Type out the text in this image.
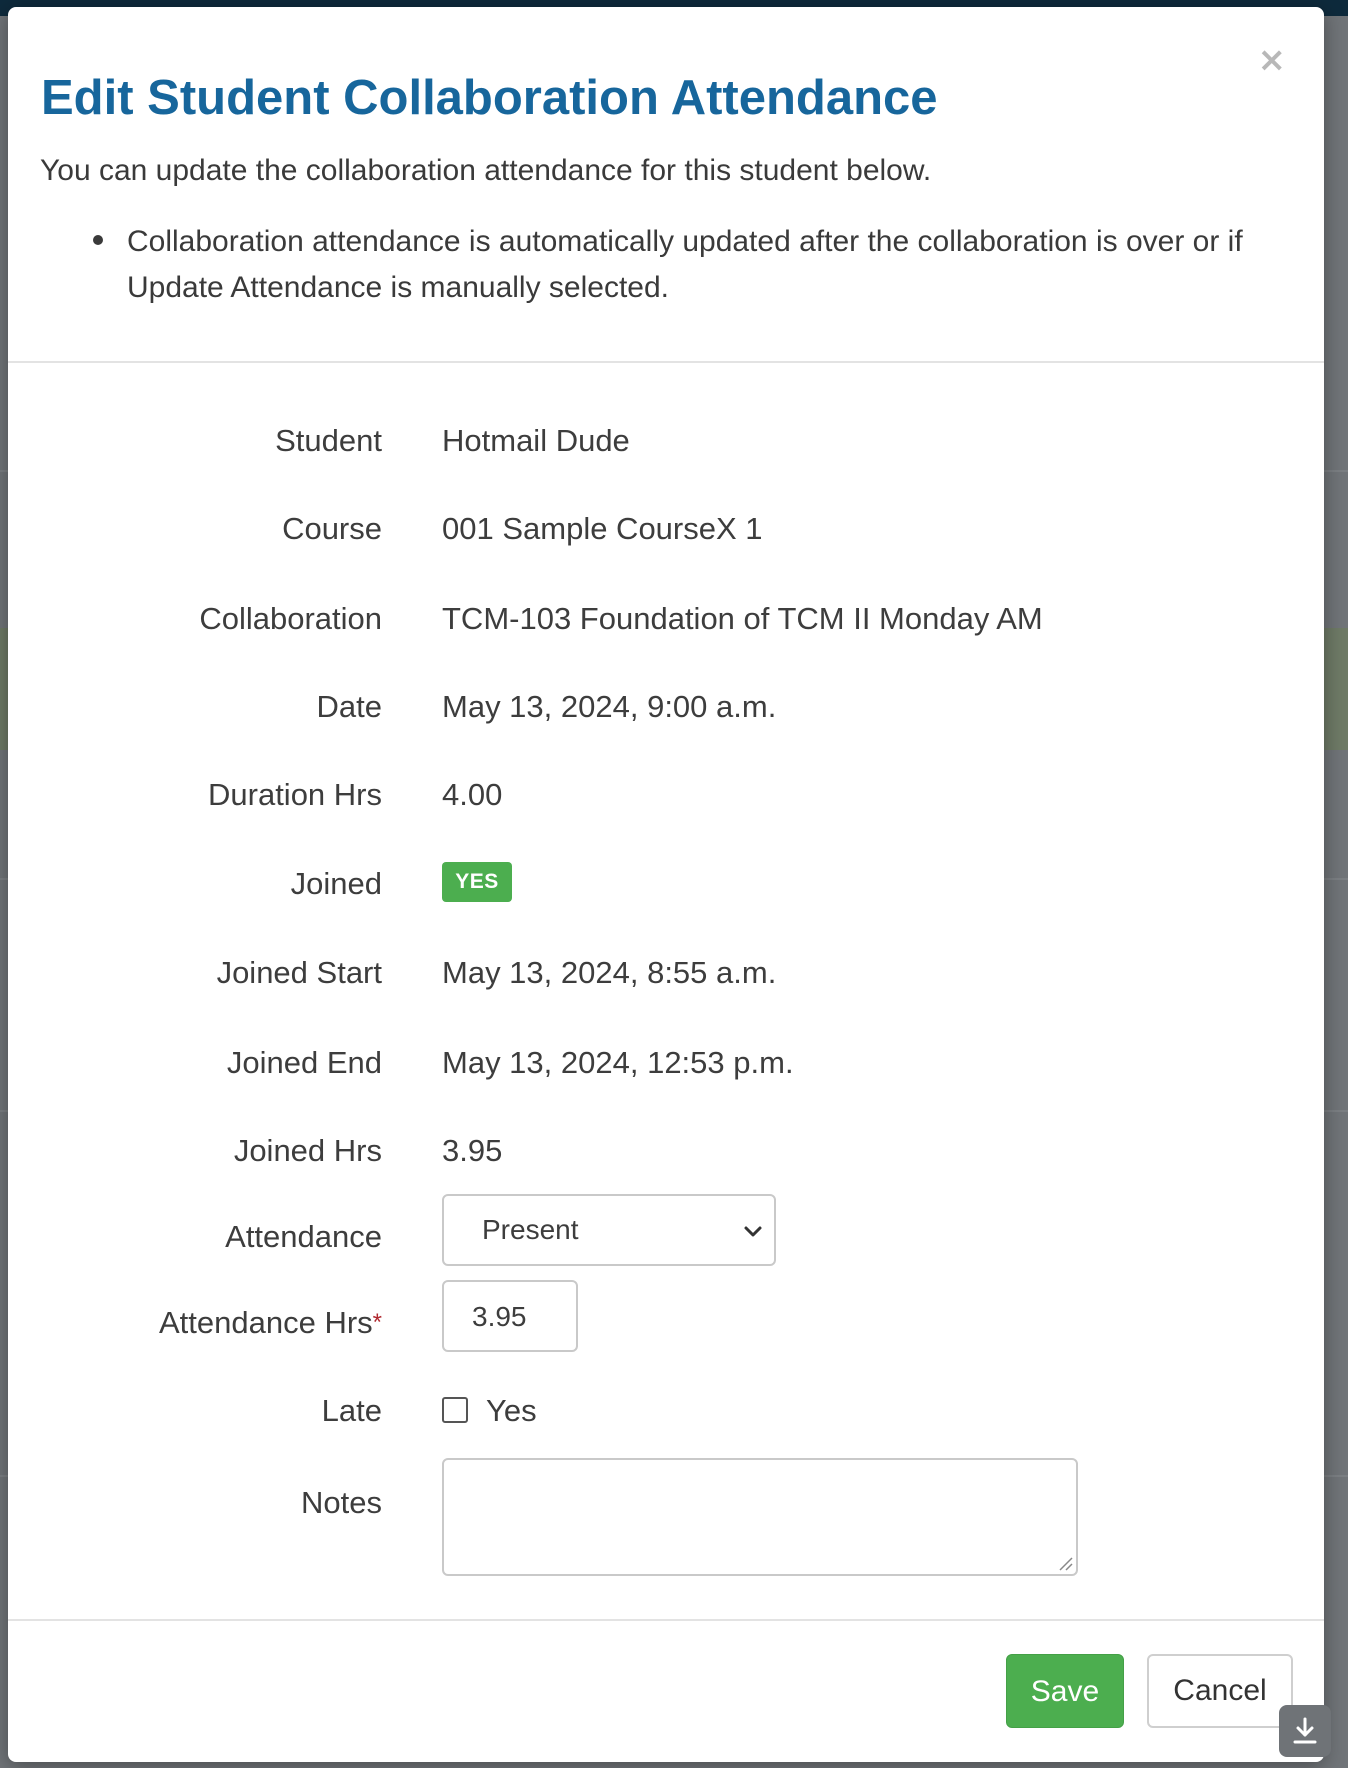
×
Edit Student Collaboration Attendance
You can update the collaboration attendance for this student below.
Collaboration attendance is automatically updated after the collaboration is over or if Update Attendance is manually selected.
Student Hotmail Dude
Course 001 Sample CourseX 1
Collaboration TCM-103 Foundation of TCM II Monday AM
Date May 13, 2024, 9:00 a.m.
Duration Hrs 4.00
Joined	YES
Joined Start May 13, 2024, 8:55 a.m.
Joined End May 13, 2024, 12:53 p.m.
Joined Hrs 3.95
Attendance	Present
Attendance Hrs*	3.95
Late	Yes
Notes
Save	Cancel
